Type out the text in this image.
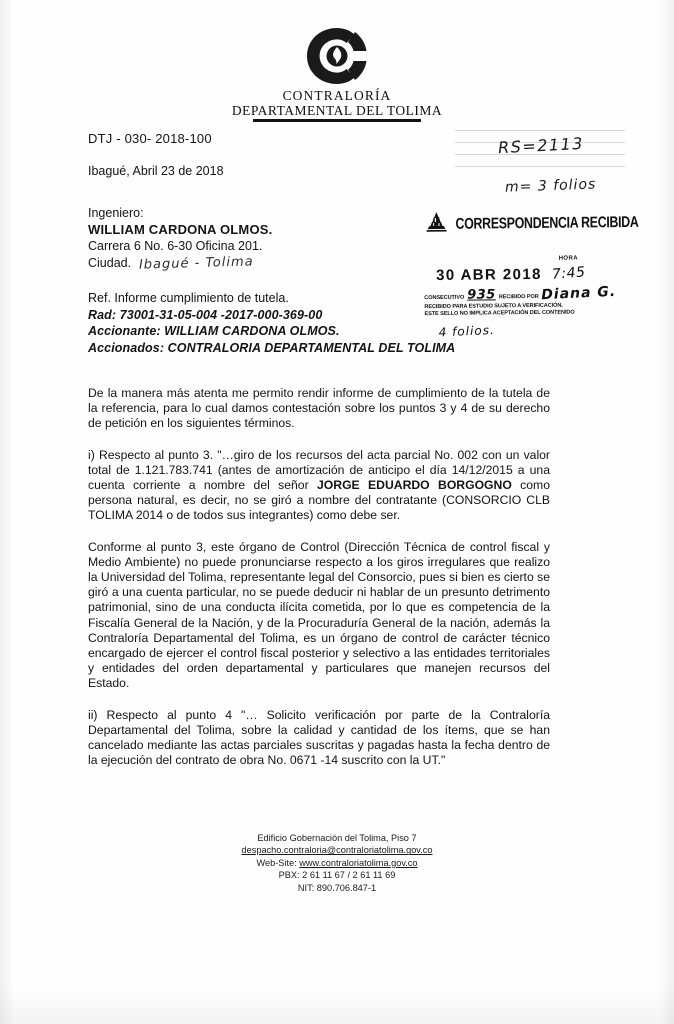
CONTRALORÍA
DEPARTAMENTAL DEL TOLIMA
DTJ - 030- 2018-100
Ibagué, Abril 23 de 2018
Ingeniero:
WILLIAM CARDONA OLMOS.
Carrera 6 No. 6-30 Oficina 201.
Ciudad. Ibagué - Tolima
Ref. Informe cumplimiento de tutela.
Rad: 73001-31-05-004 -2017-000-369-00
Accionante: WILLIAM CARDONA OLMOS.
Accionados: CONTRALORIA DEPARTAMENTAL DEL TOLIMA

De la manera más atenta me permito rendir informe de cumplimiento de la tutela de la referencia, para lo cual damos contestación sobre los puntos 3 y 4 de su derecho de petición en los siguientes términos.

i) Respecto al punto 3. "…giro de los recursos del acta parcial No. 002 con un valor total de 1.121.783.741 (antes de amortización de anticipo el día 14/12/2015 a una cuenta corriente a nombre del señor JORGE EDUARDO BORGOGNO como persona natural, es decir, no se giró a nombre del contratante (CONSORCIO CLB TOLIMA 2014 o de todos sus integrantes) como debe ser.

Conforme al punto 3, este órgano de Control (Dirección Técnica de control fiscal y Medio Ambiente) no puede pronunciarse respecto a los giros irregulares que realizo la Universidad del Tolima, representante legal del Consorcio, pues si bien es cierto se giró a una cuenta particular, no se puede deducir ni hablar de un presunto detrimento patrimonial, sino de una conducta ilícita cometida, por lo que es competencia de la Fiscalía General de la Nación, y de la Procuraduría General de la nación, además la Contraloría Departamental del Tolima, es un órgano de control de carácter técnico encargado de ejercer el control fiscal posterior y selectivo a las entidades territoriales y entidades del orden departamental y particulares que manejen recursos del Estado.

ii) Respecto al punto 4 "… Solicito verificación por parte de la Contraloría Departamental del Tolima, sobre la calidad y cantidad de los ítems, que se han cancelado mediante las actas parciales suscritas y pagadas hasta la fecha dentro de la ejecución del contrato de obra No. 0671 -14 suscrito con la UT."

CORRESPONDENCIA RECIBIDA
30 ABR 2018
HORA
7:45
CONSECUTIVO 935 RECIBIDO POR Diana G.
RECIBIDO PARA ESTUDIO SUJETO A VERIFICACIÓN,
ESTE SELLO NO IMPLICA ACEPTACIÓN DEL CONTENIDO
4 folios.
RS=2113
m= 3 folios
Edificio Gobernación del Tolima, Piso 7
despacho.contraloria@contraloriatolima.gov.co
Web-Site: www.contraloriatolima.gov.co
PBX: 2 61 11 67 / 2 61 11 69
NIT: 890.706.847-1
